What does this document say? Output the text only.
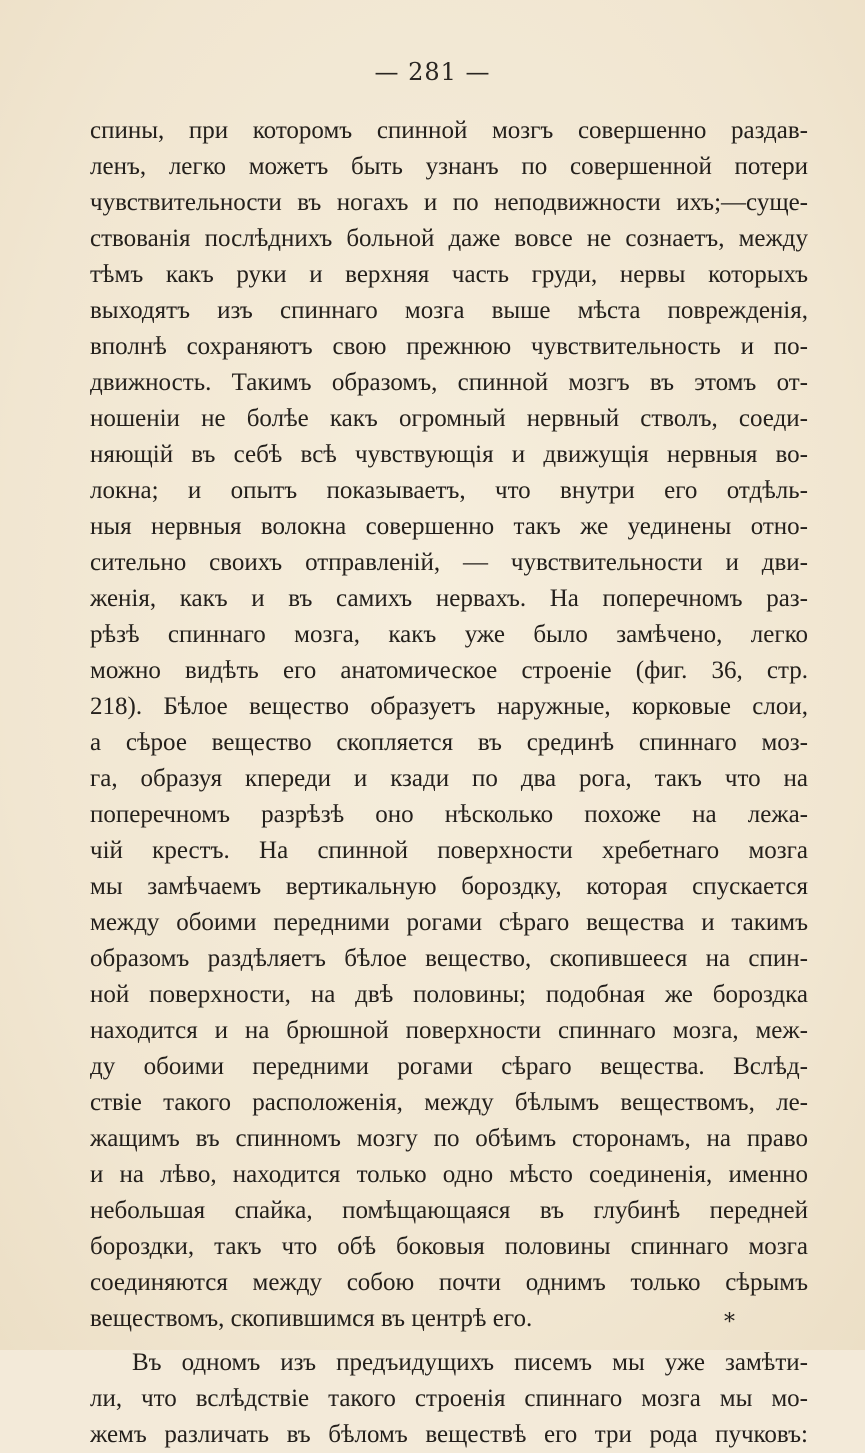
— 281 —
спины, при которомъ спинной мозгъ совершенно раздав-
ленъ, легко можетъ быть узнанъ по совершенной потери
чувствительности въ ногахъ и по неподвижности ихъ;—суще-
ствованія послѣднихъ больной даже вовсе не сознаетъ, между
тѣмъ какъ руки и верхняя часть груди, нервы которыхъ
выходятъ изъ спиннаго мозга выше мѣста поврежденія,
вполнѣ сохраняютъ свою прежнюю чувствительность и по-
движность. Такимъ образомъ, спинной мозгъ въ этомъ от-
ношеніи не болѣе какъ огромный нервный стволъ, соеди-
няющій въ себѣ всѣ чувствующія и движущія нервныя во-
локна; и опытъ показываетъ, что внутри его отдѣль-
ныя нервныя волокна совершенно такъ же уединены отно-
сительно своихъ отправленій, — чувствительности и дви-
женія, какъ и въ самихъ нервахъ. На поперечномъ раз-
рѣзѣ спиннаго мозга, какъ уже было замѣчено, легко
можно видѣть его анатомическое строеніе (фиг. 36, стр.
218). Бѣлое вещество образуетъ наружные, корковые слои,
а сѣрое вещество скопляется въ срединѣ спиннаго моз-
га, образуя кпереди и кзади по два рога, такъ что на
поперечномъ разрѣзѣ оно нѣсколько похоже на лежа-
чій крестъ. На спинной поверхности хребетнаго мозга
мы замѣчаемъ вертикальную бороздку, которая спускается
между обоими передними рогами сѣраго вещества и такимъ
образомъ раздѣляетъ бѣлое вещество, скопившееся на спин-
ной поверхности, на двѣ половины; подобная же бороздка
находится и на брюшной поверхности спиннаго мозга, меж-
ду обоими передними рогами сѣраго вещества. Вслѣд-
ствіе такого расположенія, между бѣлымъ веществомъ, ле-
жащимъ въ спинномъ мозгу по обѣимъ сторонамъ, на право
и на лѣво, находится только одно мѣсто соединенія, именно
небольшая спайка, помѣщающаяся въ глубинѣ передней
бороздки, такъ что обѣ боковыя половины спиннаго мозга
соединяются между собою почти однимъ только сѣрымъ
веществомъ, скопившимся въ центрѣ его.
Въ одномъ изъ предъидущихъ писемъ мы уже замѣти-
ли, что вслѣдствіе такого строенія спиннаго мозга мы мо-
жемъ различать въ бѣломъ веществѣ его три рода пучковъ:
*
